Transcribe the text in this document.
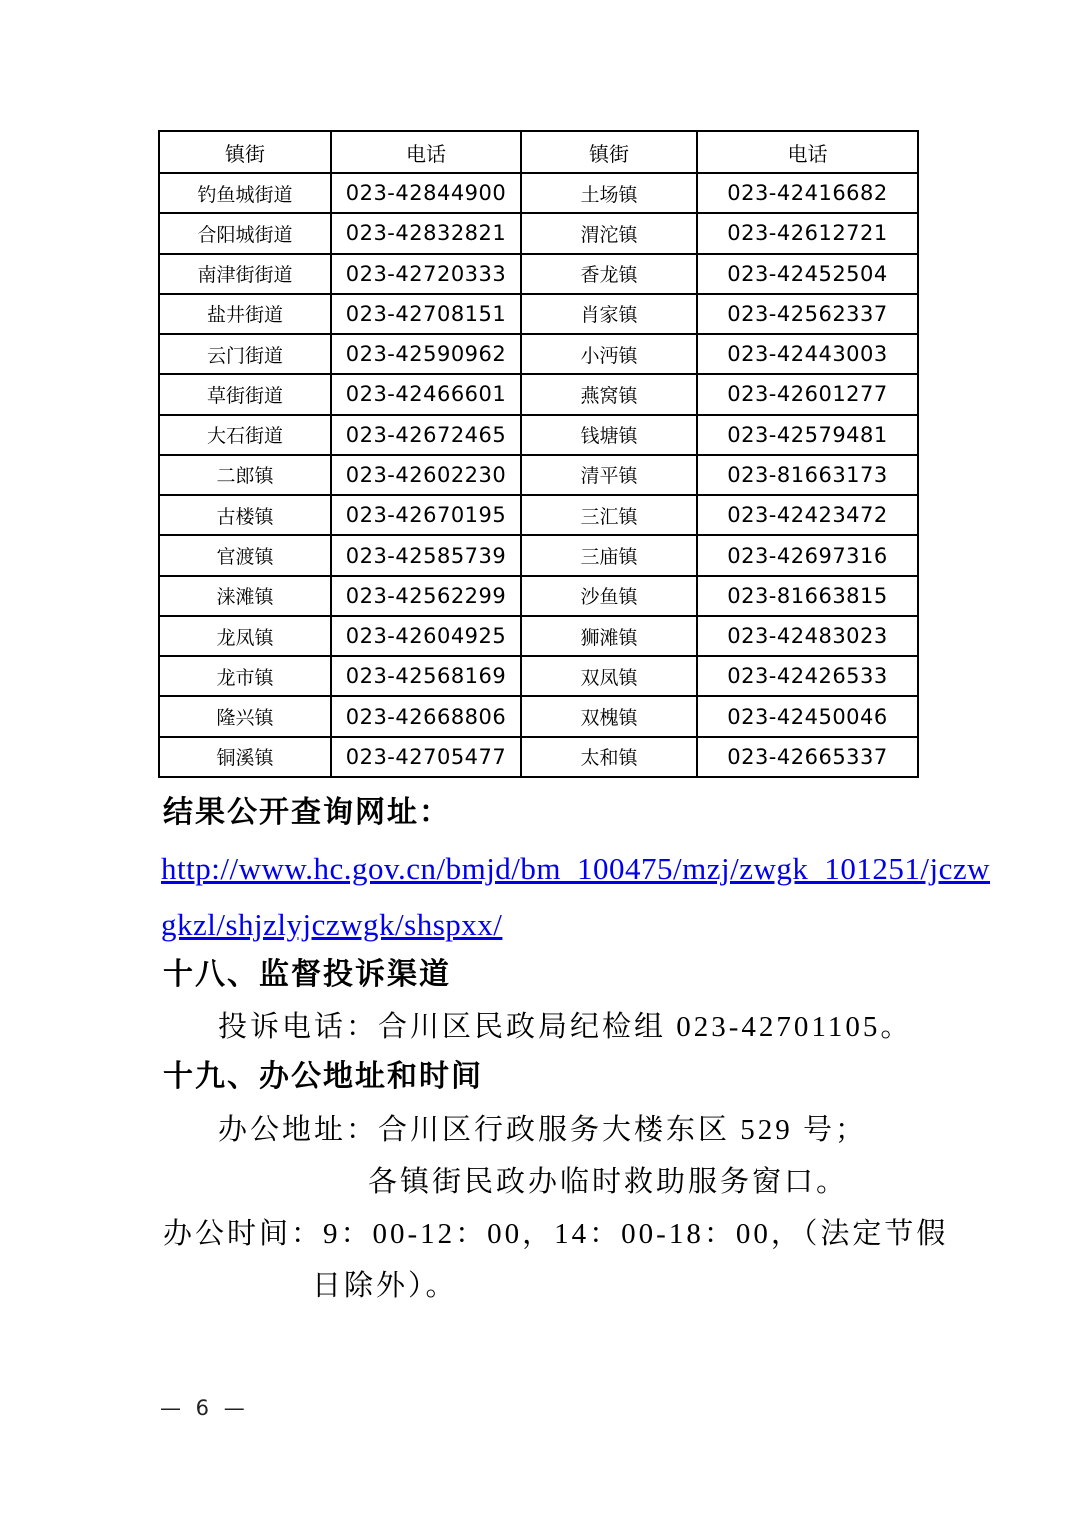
镇街	电话	镇街	电话
钓鱼城街道	023-42844900	土场镇	023-42416682
合阳城街道	023-42832821	渭沱镇	023-42612721
南津街街道	023-42720333	香龙镇	023-42452504
盐井街道	023-42708151	肖家镇	023-42562337
云门街道	023-42590962	小沔镇	023-42443003
草街街道	023-42466601	燕窝镇	023-42601277
大石街道	023-42672465	钱塘镇	023-42579481
二郎镇	023-42602230	清平镇	023-81663173
古楼镇	023-42670195	三汇镇	023-42423472
官渡镇	023-42585739	三庙镇	023-42697316
涞滩镇	023-42562299	沙鱼镇	023-81663815
龙凤镇	023-42604925	狮滩镇	023-42483023
龙市镇	023-42568169	双凤镇	023-42426533
隆兴镇	023-42668806	双槐镇	023-42450046
铜溪镇	023-42705477	太和镇	023-42665337
结果公开查询网址：
http://www.hc.gov.cn/bmjd/bm_100475/mzj/zwgk_101251/jczw
gkzl/shjzlyjczwgk/shspxx/
十八、监督投诉渠道
投诉电话：合川区民政局纪检组 023-42701105。
十九、办公地址和时间
办公地址：合川区行政服务大楼东区 529 号；
各镇街民政办临时救助服务窗口。
办公时间：9：00-12：00，14：00-18：00，（法定节假
日除外）。
— 6 —
